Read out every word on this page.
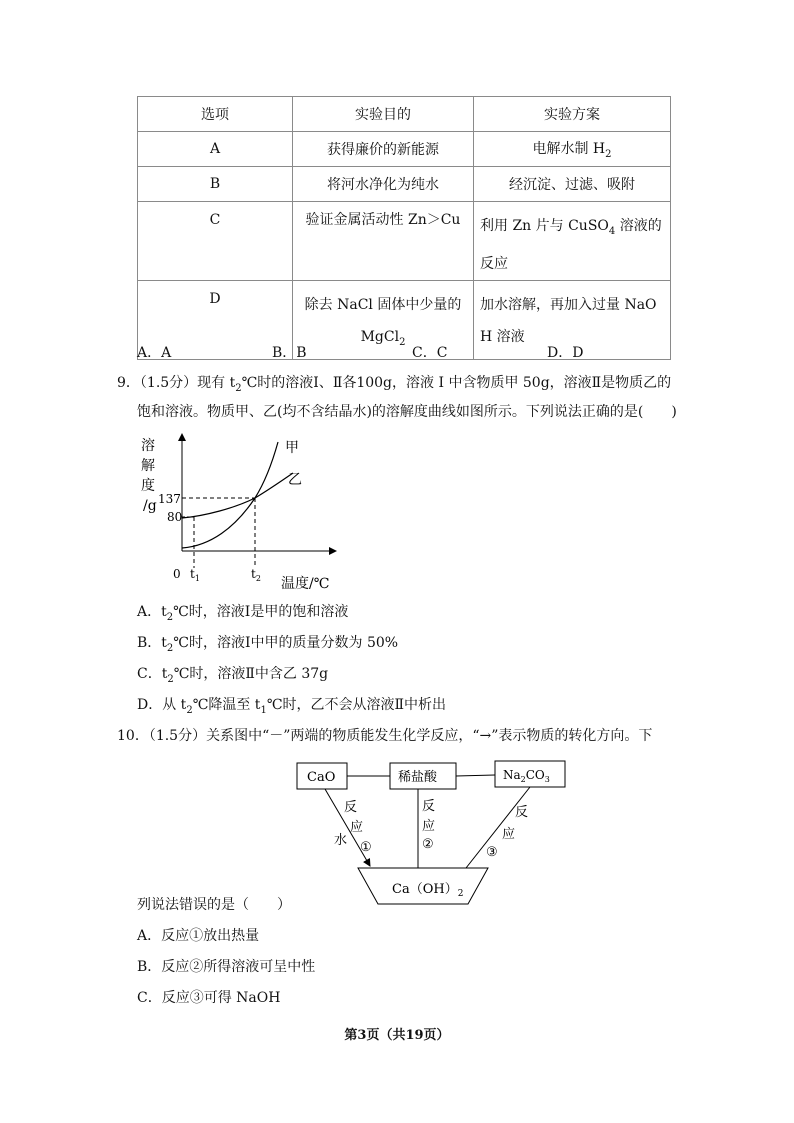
选项	实验目的	实验方案
A	获得廉价的新能源	电解水制 $H_2$
B	将河水净化为纯水	经沉淀、过滤、吸附
C	验证金属活动性 Zn＞Cu	利用 Zn 片与 CuSO$_4$ 溶液的反应
D	除去 NaCl 固体中少量的 MgCl$_2$	加水溶解，再加入过量 NaOH 溶液
A．A	B．B	C．C	D．D
9．（1.5分）现有 $t_2℃$时的溶液Ⅰ、Ⅱ各100g，溶液 Ⅰ 中含物质甲 50g，溶液Ⅱ是物质乙的
饱和溶液。物质甲、乙(均不含结晶水)的溶解度曲线如图所示。下列说法正确的是(　　)
溶
解
度
/g 137
80
甲
乙
0 $t_1$	$t_2$ 温度/℃
A．$t_2℃$时，溶液Ⅰ是甲的饱和溶液
B．$t_2℃$时，溶液Ⅰ中甲的质量分数为 50%
C．$t_2℃$时，溶液Ⅱ中含乙 37g
D．从 $t_2℃$降温至 $t_1℃$时，乙不会从溶液Ⅱ中析出
10．（1.5分）关系图中“－”两端的物质能发生化学反应，“→”表示物质的转化方向。下
CaO	稀盐酸	$Na_2CO_3$
$Ca(OH)_2$
反
应
水 ①
反
应
②
反
应
③
列说法错误的是（　　）
A．反应①放出热量
B．反应②所得溶液可呈中性
C．反应③可得 NaOH
第3页（共19页）
